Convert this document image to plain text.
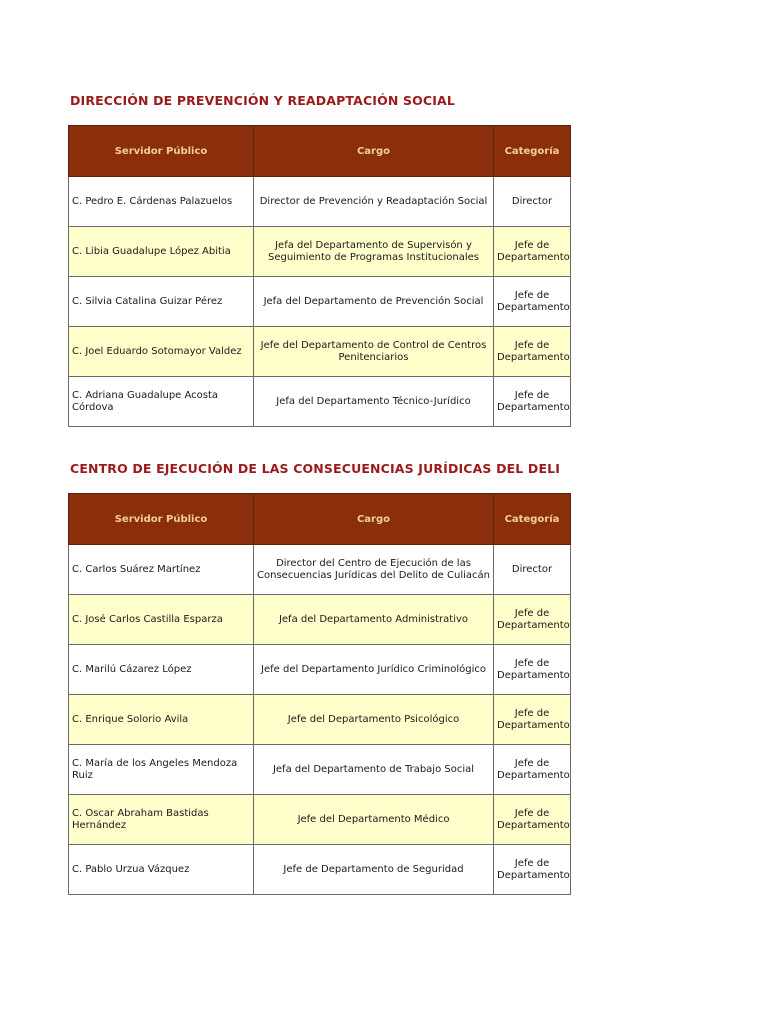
DIRECCIÓN DE PREVENCIÓN Y READAPTACIÓN SOCIAL
Servidor Público	Cargo	Categoría
C. Pedro E. Cárdenas Palazuelos	Director de Prevención y Readaptación Social	Director
C. Libia Guadalupe López Abitia	Jefa del Departamento de Supervisón y Seguimiento de Programas Institucionales	Jefe de Departamento
C. Silvia Catalina Guizar Pérez	Jefa del Departamento de Prevención Social	Jefe de Departamento
C. Joel Eduardo Sotomayor Valdez	Jefe del Departamento de Control de Centros Penitenciarios	Jefe de Departamento
C. Adriana Guadalupe Acosta Córdova	Jefa del Departamento Técnico-Jurídico	Jefe de Departamento
CENTRO DE EJECUCIÓN DE LAS CONSECUENCIAS JURÍDICAS DEL DELI
Servidor Público	Cargo	Categoría
C. Carlos Suárez Martínez	Director del Centro de Ejecución de las Consecuencias Jurídicas del Delito de Culiacán	Director
C. José Carlos Castilla Esparza	Jefa del Departamento Administrativo	Jefe de Departamento
C. Marilú Cázarez López	Jefe del Departamento Jurídico Criminológico	Jefe de Departamento
C. Enrique Solorio Avila	Jefe del Departamento Psicológico	Jefe de Departamento
C. María de los Angeles Mendoza Ruiz	Jefa del Departamento de Trabajo Social	Jefe de Departamento
C. Oscar Abraham Bastidas Hernández	Jefe del Departamento Médico	Jefe de Departamento
C. Pablo Urzua Vázquez	Jefe de Departamento de Seguridad	Jefe de Departamento
